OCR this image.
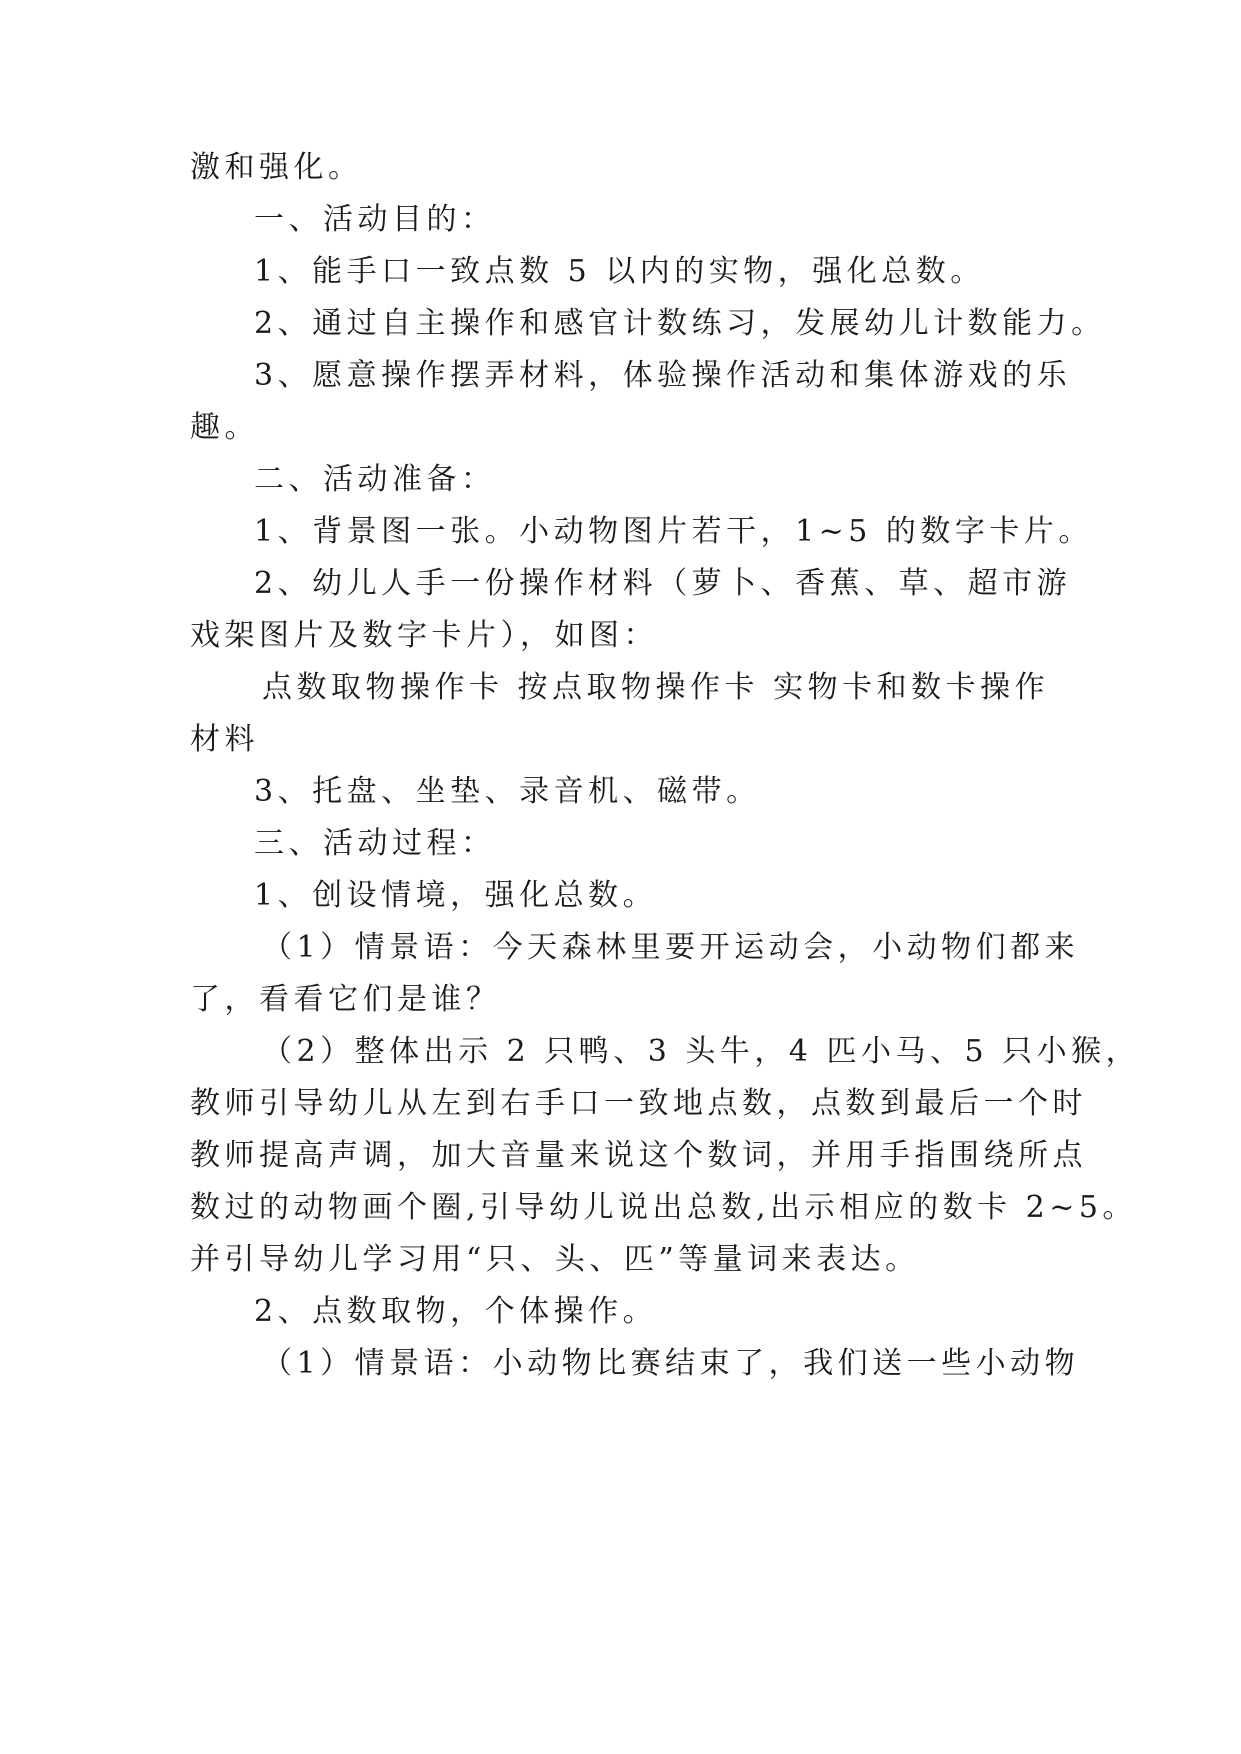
激和强化。
一、活动目的：
1、能手口一致点数 5 以内的实物，强化总数。
2、通过自主操作和感官计数练习，发展幼儿计数能力。
3、愿意操作摆弄材料，体验操作活动和集体游戏的乐
趣。
二、活动准备：
1、背景图一张。小动物图片若干，1~5 的数字卡片。
2、幼儿人手一份操作材料（萝卜、香蕉、草、超市游
戏架图片及数字卡片），如图：
点数取物操作卡 按点取物操作卡 实物卡和数卡操作
材料
3、托盘、坐垫、录音机、磁带。
三、活动过程：
1、创设情境，强化总数。
（1）情景语：今天森林里要开运动会，小动物们都来
了，看看它们是谁？
（2）整体出示 2 只鸭、3 头牛，4 匹小马、5 只小猴，
教师引导幼儿从左到右手口一致地点数，点数到最后一个时
教师提高声调，加大音量来说这个数词，并用手指围绕所点
数过的动物画个圈,引导幼儿说出总数,出示相应的数卡 2~5。
并引导幼儿学习用“只、头、匹”等量词来表达。
2、点数取物，个体操作。
（1）情景语：小动物比赛结束了，我们送一些小动物
